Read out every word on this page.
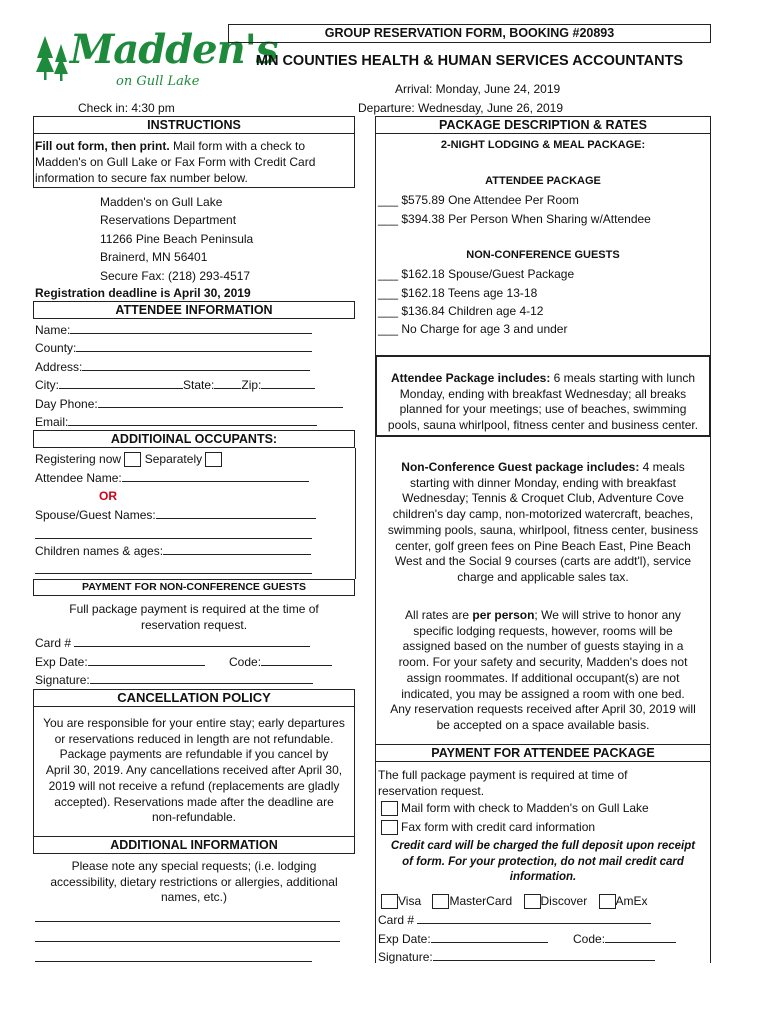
Madden's
on Gull Lake
GROUP RESERVATION FORM, BOOKING #20893
MN COUNTIES HEALTH & HUMAN SERVICES ACCOUNTANTS
Arrival: Monday, June 24, 2019
Check in: 4:30 pm	Departure: Wednesday, June 26, 2019
INSTRUCTIONS
Fill out form, then print. Mail form with a check to
Madden's on Gull Lake or Fax Form with Credit Card
information to secure fax number below.
Madden's on Gull Lake
Reservations Department
11266 Pine Beach Peninsula
Brainerd, MN 56401
Secure Fax: (218) 293-4517
Registration deadline is April 30, 2019
ATTENDEE INFORMATION
Name:
County:
Address:
City:	State: Zip:
Day Phone:
Email:
ADDITIOINAL OCCUPANTS:
Registering now Separately
Attendee Name:
OR
Spouse/Guest Names:
Children names & ages:
PAYMENT FOR NON-CONFERENCE GUESTS
Full package payment is required at the time of
reservation request.
Card #
Exp Date:	Code:
Signature:
CANCELLATION POLICY
You are responsible for your entire stay; early departures
or reservations reduced in length are not refundable.
Package payments are refundable if you cancel by
April 30, 2019. Any cancellations received after April 30,
2019 will not receive a refund (replacements are gladly
accepted). Reservations made after the deadline are
non-refundable.
ADDITIONAL INFORMATION
Please note any special requests; (i.e. lodging
accessibility, dietary restrictions or allergies, additional
names, etc.)
PACKAGE DESCRIPTION & RATES
2-NIGHT LODGING & MEAL PACKAGE:
ATTENDEE PACKAGE
___ $575.89 One Attendee Per Room
___ $394.38 Per Person When Sharing w/Attendee
NON-CONFERENCE GUESTS
___ $162.18 Spouse/Guest Package
___ $162.18 Teens age 13-18
___ $136.84 Children age 4-12
___ No Charge for age 3 and under
Attendee Package includes: 6 meals starting with lunch
Monday, ending with breakfast Wednesday; all breaks
planned for your meetings; use of beaches, swimming
pools, sauna whirlpool, fitness center and business center.
Non-Conference Guest package includes: 4 meals
starting with dinner Monday, ending with breakfast
Wednesday; Tennis & Croquet Club, Adventure Cove
children's day camp, non-motorized watercraft, beaches,
swimming pools, sauna, whirlpool, fitness center, business
center, golf green fees on Pine Beach East, Pine Beach
West and the Social 9 courses (carts are addt'l), service
charge and applicable sales tax.
All rates are per person; We will strive to honor any
specific lodging requests, however, rooms will be
assigned based on the number of guests staying in a
room. For your safety and security, Madden's does not
assign roommates. If additional occupant(s) are not
indicated, you may be assigned a room with one bed.
Any reservation requests received after April 30, 2019 will
be accepted on a space available basis.
PAYMENT FOR ATTENDEE PACKAGE
The full package payment is required at time of
reservation request.
Mail form with check to Madden's on Gull Lake
Fax form with credit card information
Credit card will be charged the full deposit upon receipt
of form. For your protection, do not mail credit card
information.
Visa MasterCard Discover AmEx
Card #
Exp Date:	Code:
Signature:
